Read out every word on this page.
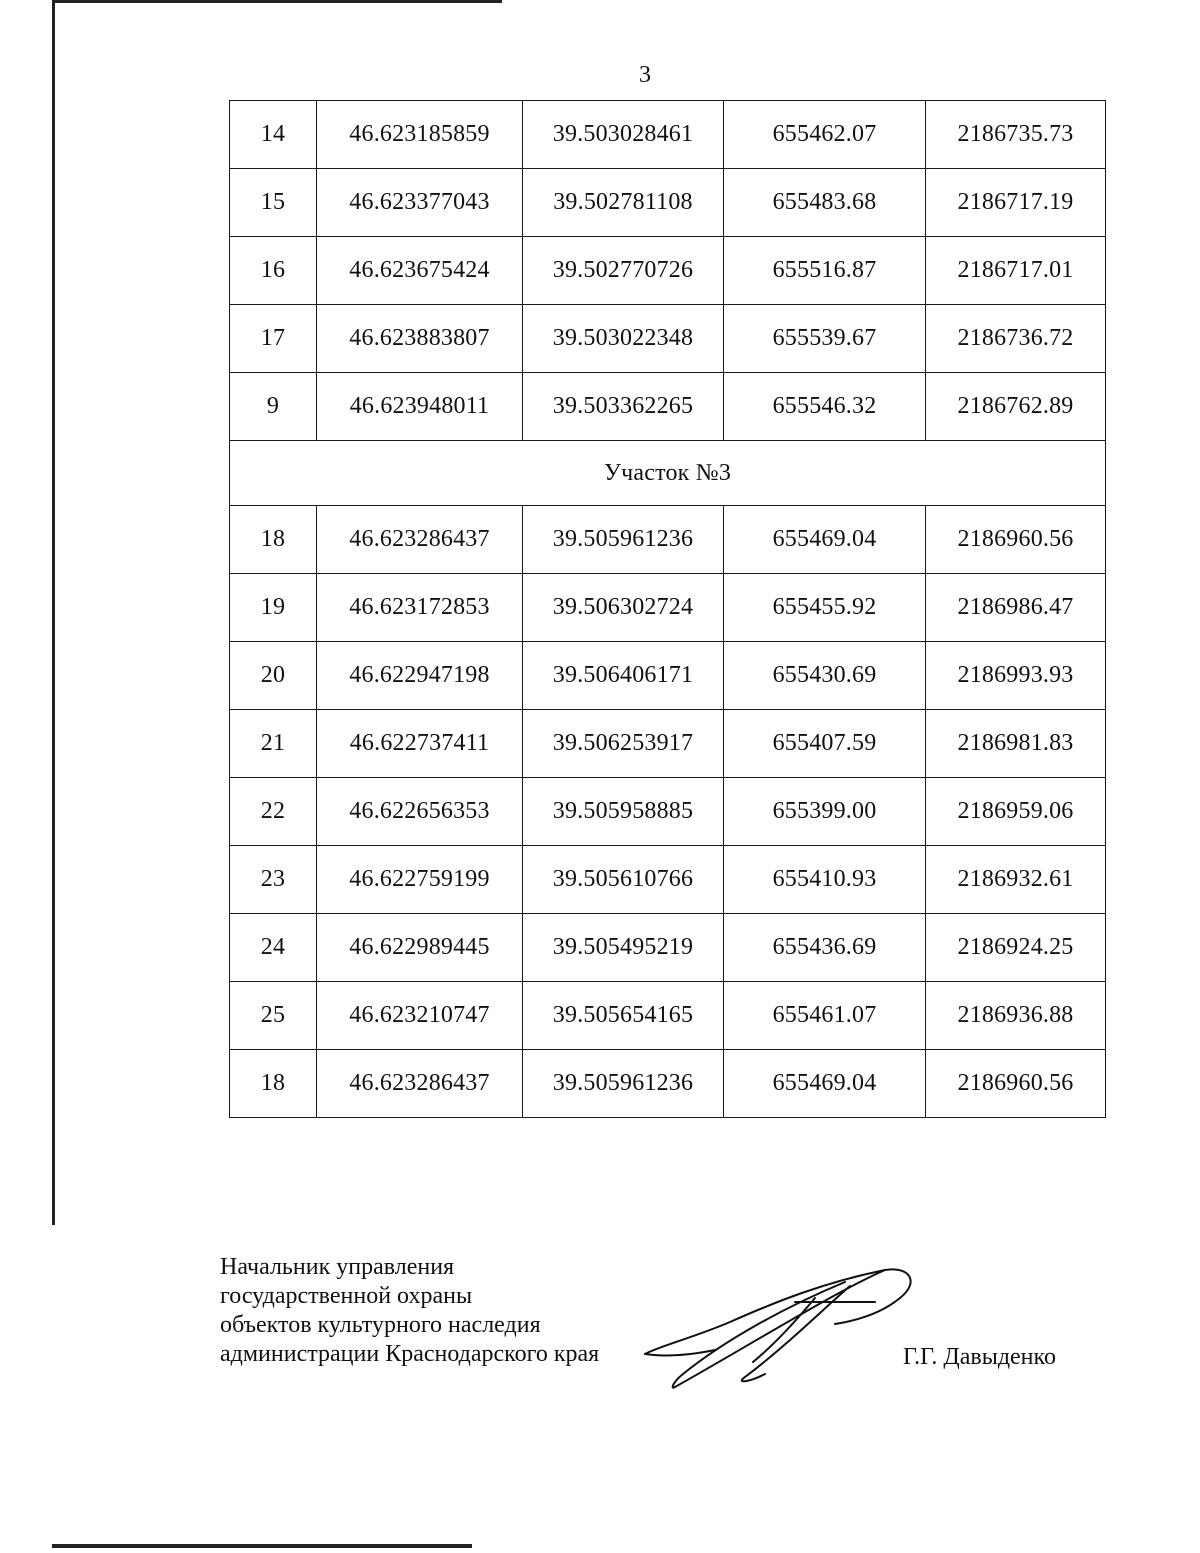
3
14	46.623185859	39.503028461	655462.07	2186735.73
15	46.623377043	39.502781108	655483.68	2186717.19
16	46.623675424	39.502770726	655516.87	2186717.01
17	46.623883807	39.503022348	655539.67	2186736.72
9	46.623948011	39.503362265	655546.32	2186762.89
Участок №3				
18	46.623286437	39.505961236	655469.04	2186960.56
19	46.623172853	39.506302724	655455.92	2186986.47
20	46.622947198	39.506406171	655430.69	2186993.93
21	46.622737411	39.506253917	655407.59	2186981.83
22	46.622656353	39.505958885	655399.00	2186959.06
23	46.622759199	39.505610766	655410.93	2186932.61
24	46.622989445	39.505495219	655436.69	2186924.25
25	46.623210747	39.505654165	655461.07	2186936.88
18	46.623286437	39.505961236	655469.04	2186960.56
Начальник управления
государственной охраны
объектов культурного наследия
администрации Краснодарского края	Г.Г. Давыденко
